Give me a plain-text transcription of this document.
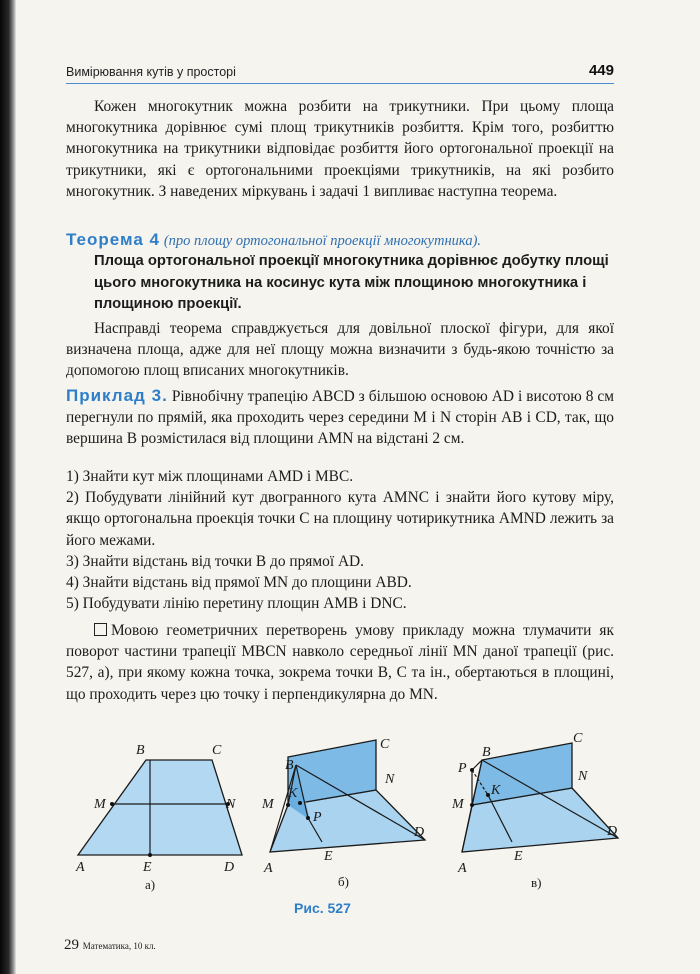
Вимірювання кутів у просторі	449

Кожен многокутник можна розбити на трикутники. При цьому площа многокутника дорівнює сумі площ трикутників розбиття. Крім того, розбиттю многокутника на трикутники відповідає розбиття його ортогональної проекції на трикутники, які є ортогональними проекціями трикутників, на які розбито многокутник. З наведених міркувань і задачі 1 випливає наступна теорема.

Теорема 4 (про площу ортогональної проекції многокутника).

Площа ортогональної проекції многокутника дорівнює добутку площі цього многокутника на косинус кута між площиною многокутника і площиною проекції.

Насправді теорема справджується для довільної плоскої фігури, для якої визначена площа, адже для неї площу можна визначити з будь-якою точністю за допомогою площ вписаних многокутників.

Приклад 3. Рівнобічну трапецію ABCD з більшою основою AD і висотою 8 см перегнули по прямій, яка проходить через середини M і N сторін AB і CD, так, що вершина B розмістилася від площини AMN на відстані 2 см.

1) Знайти кут між площинами AMD і MBC.
2) Побудувати лінійний кут двогранного кута AMNC і знайти його кутову міру, якщо ортогональна проекція точки C на площину чотирикутника AMND лежить за його межами.
3) Знайти відстань від точки B до прямої AD.
4) Знайти відстань від прямої MN до площини ABD.
5) Побудувати лінію перетину площин AMB і DNC.

Мовою геометричних перетворень умову прикладу можна тлумачити як поворот частини трапеції MBCN навколо середньої лінії MN даної трапеції (рис. 527, а), при якому кожна точка, зокрема точки B, C та ін., обертаються в площині, що проходить через цю точку і перпендикулярна до MN.

B	C
M	N
A	E	D
а)
B
C
K
N
M
P
D
E
A
б)
B
C
P
K
N
M
D
E
A
в)
Рис. 527
29 Математика, 10 кл.
